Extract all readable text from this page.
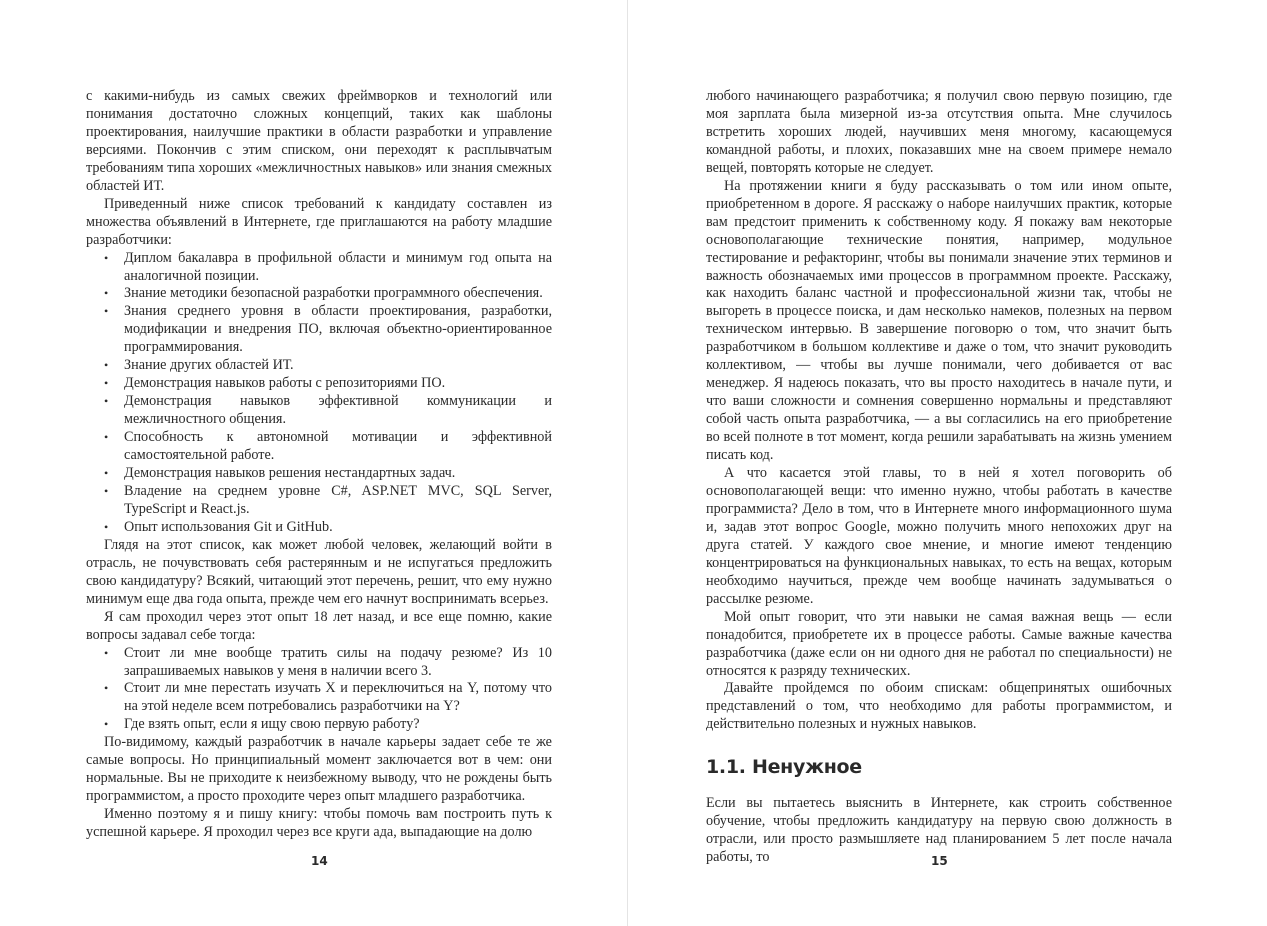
с какими-нибудь из самых свежих фреймворков и технологий или понимания достаточно сложных концепций, таких как шаблоны проектирования, наилучшие практики в области разработки и управление версиями. Покончив с этим списком, они переходят к расплывчатым требованиям типа хороших «межличностных навыков» или знания смежных областей ИТ.

Приведенный ниже список требований к кандидату составлен из множества объявлений в Интернете, где приглашаются на работу младшие разработчики:

• Диплом бакалавра в профильной области и минимум год опыта на аналогичной позиции.
• Знание методики безопасной разработки программного обеспечения.
• Знания среднего уровня в области проектирования, разработки, модификации и внедрения ПО, включая объектно-ориентированное программирования.
• Знание других областей ИТ.
• Демонстрация навыков работы с репозиториями ПО.
• Демонстрация навыков эффективной коммуникации и межличностного общения.
• Способность к автономной мотивации и эффективной самостоятельной работе.
• Демонстрация навыков решения нестандартных задач.
• Владение на среднем уровне C#, ASP.NET MVC, SQL Server, TypeScript и React.js.
• Опыт использования Git и GitHub.

Глядя на этот список, как может любой человек, желающий войти в отрасль, не почувствовать себя растерянным и не испугаться предложить свою кандидатуру? Всякий, читающий этот перечень, решит, что ему нужно минимум еще два года опыта, прежде чем его начнут воспринимать всерьез.

Я сам проходил через этот опыт 18 лет назад, и все еще помню, какие вопросы задавал себе тогда:

• Стоит ли мне вообще тратить силы на подачу резюме? Из 10 запрашиваемых навыков у меня в наличии всего 3.
• Стоит ли мне перестать изучать X и переключиться на Y, потому что на этой неделе всем потребовались разработчики на Y?
• Где взять опыт, если я ищу свою первую работу?

По-видимому, каждый разработчик в начале карьеры задает себе те же самые вопросы. Но принципиальный момент заключается вот в чем: они нормальные. Вы не приходите к неизбежному выводу, что не рождены быть программистом, а просто проходите через опыт младшего разработчика.

Именно поэтому я и пишу книгу: чтобы помочь вам построить путь к успешной карьере. Я проходил через все круги ада, выпадающие на долю

14

любого начинающего разработчика; я получил свою первую позицию, где моя зарплата была мизерной из-за отсутствия опыта. Мне случилось встретить хороших людей, научивших меня многому, касающемуся командной работы, и плохих, показавших мне на своем примере немало вещей, повторять которые не следует.

На протяжении книги я буду рассказывать о том или ином опыте, приобретенном в дороге. Я расскажу о наборе наилучших практик, которые вам предстоит применить к собственному коду. Я покажу вам некоторые основополагающие технические понятия, например, модульное тестирование и рефакторинг, чтобы вы понимали значение этих терминов и важность обозначаемых ими процессов в программном проекте. Расскажу, как находить баланс частной и профессиональной жизни так, чтобы не выгореть в процессе поиска, и дам несколько намеков, полезных на первом техническом интервью. В завершение поговорю о том, что значит быть разработчиком в большом коллективе и даже о том, что значит руководить коллективом, — чтобы вы лучше понимали, чего добивается от вас менеджер. Я надеюсь показать, что вы просто находитесь в начале пути, и что ваши сложности и сомнения совершенно нормальны и представляют собой часть опыта разработчика, — а вы согласились на его приобретение во всей полноте в тот момент, когда решили зарабатывать на жизнь умением писать код.

А что касается этой главы, то в ней я хотел поговорить об основополагающей вещи: что именно нужно, чтобы работать в качестве программиста? Дело в том, что в Интернете много информационного шума и, задав этот вопрос Google, можно получить много непохожих друг на друга статей. У каждого свое мнение, и многие имеют тенденцию концентрироваться на функциональных навыках, то есть на вещах, которым необходимо научиться, прежде чем вообще начинать задумываться о рассылке резюме.

Мой опыт говорит, что эти навыки не самая важная вещь — если понадобится, приобретете их в процессе работы. Самые важные качества разработчика (даже если он ни одного дня не работал по специальности) не относятся к разряду технических.

Давайте пройдемся по обоим спискам: общепринятых ошибочных представлений о том, что необходимо для работы программистом, и действительно полезных и нужных навыков.

1.1. Ненужное

Если вы пытаетесь выяснить в Интернете, как строить собственное обучение, чтобы предложить кандидатуру на первую свою должность в отрасли, или просто размышляете над планированием 5 лет после начала работы, то	15
